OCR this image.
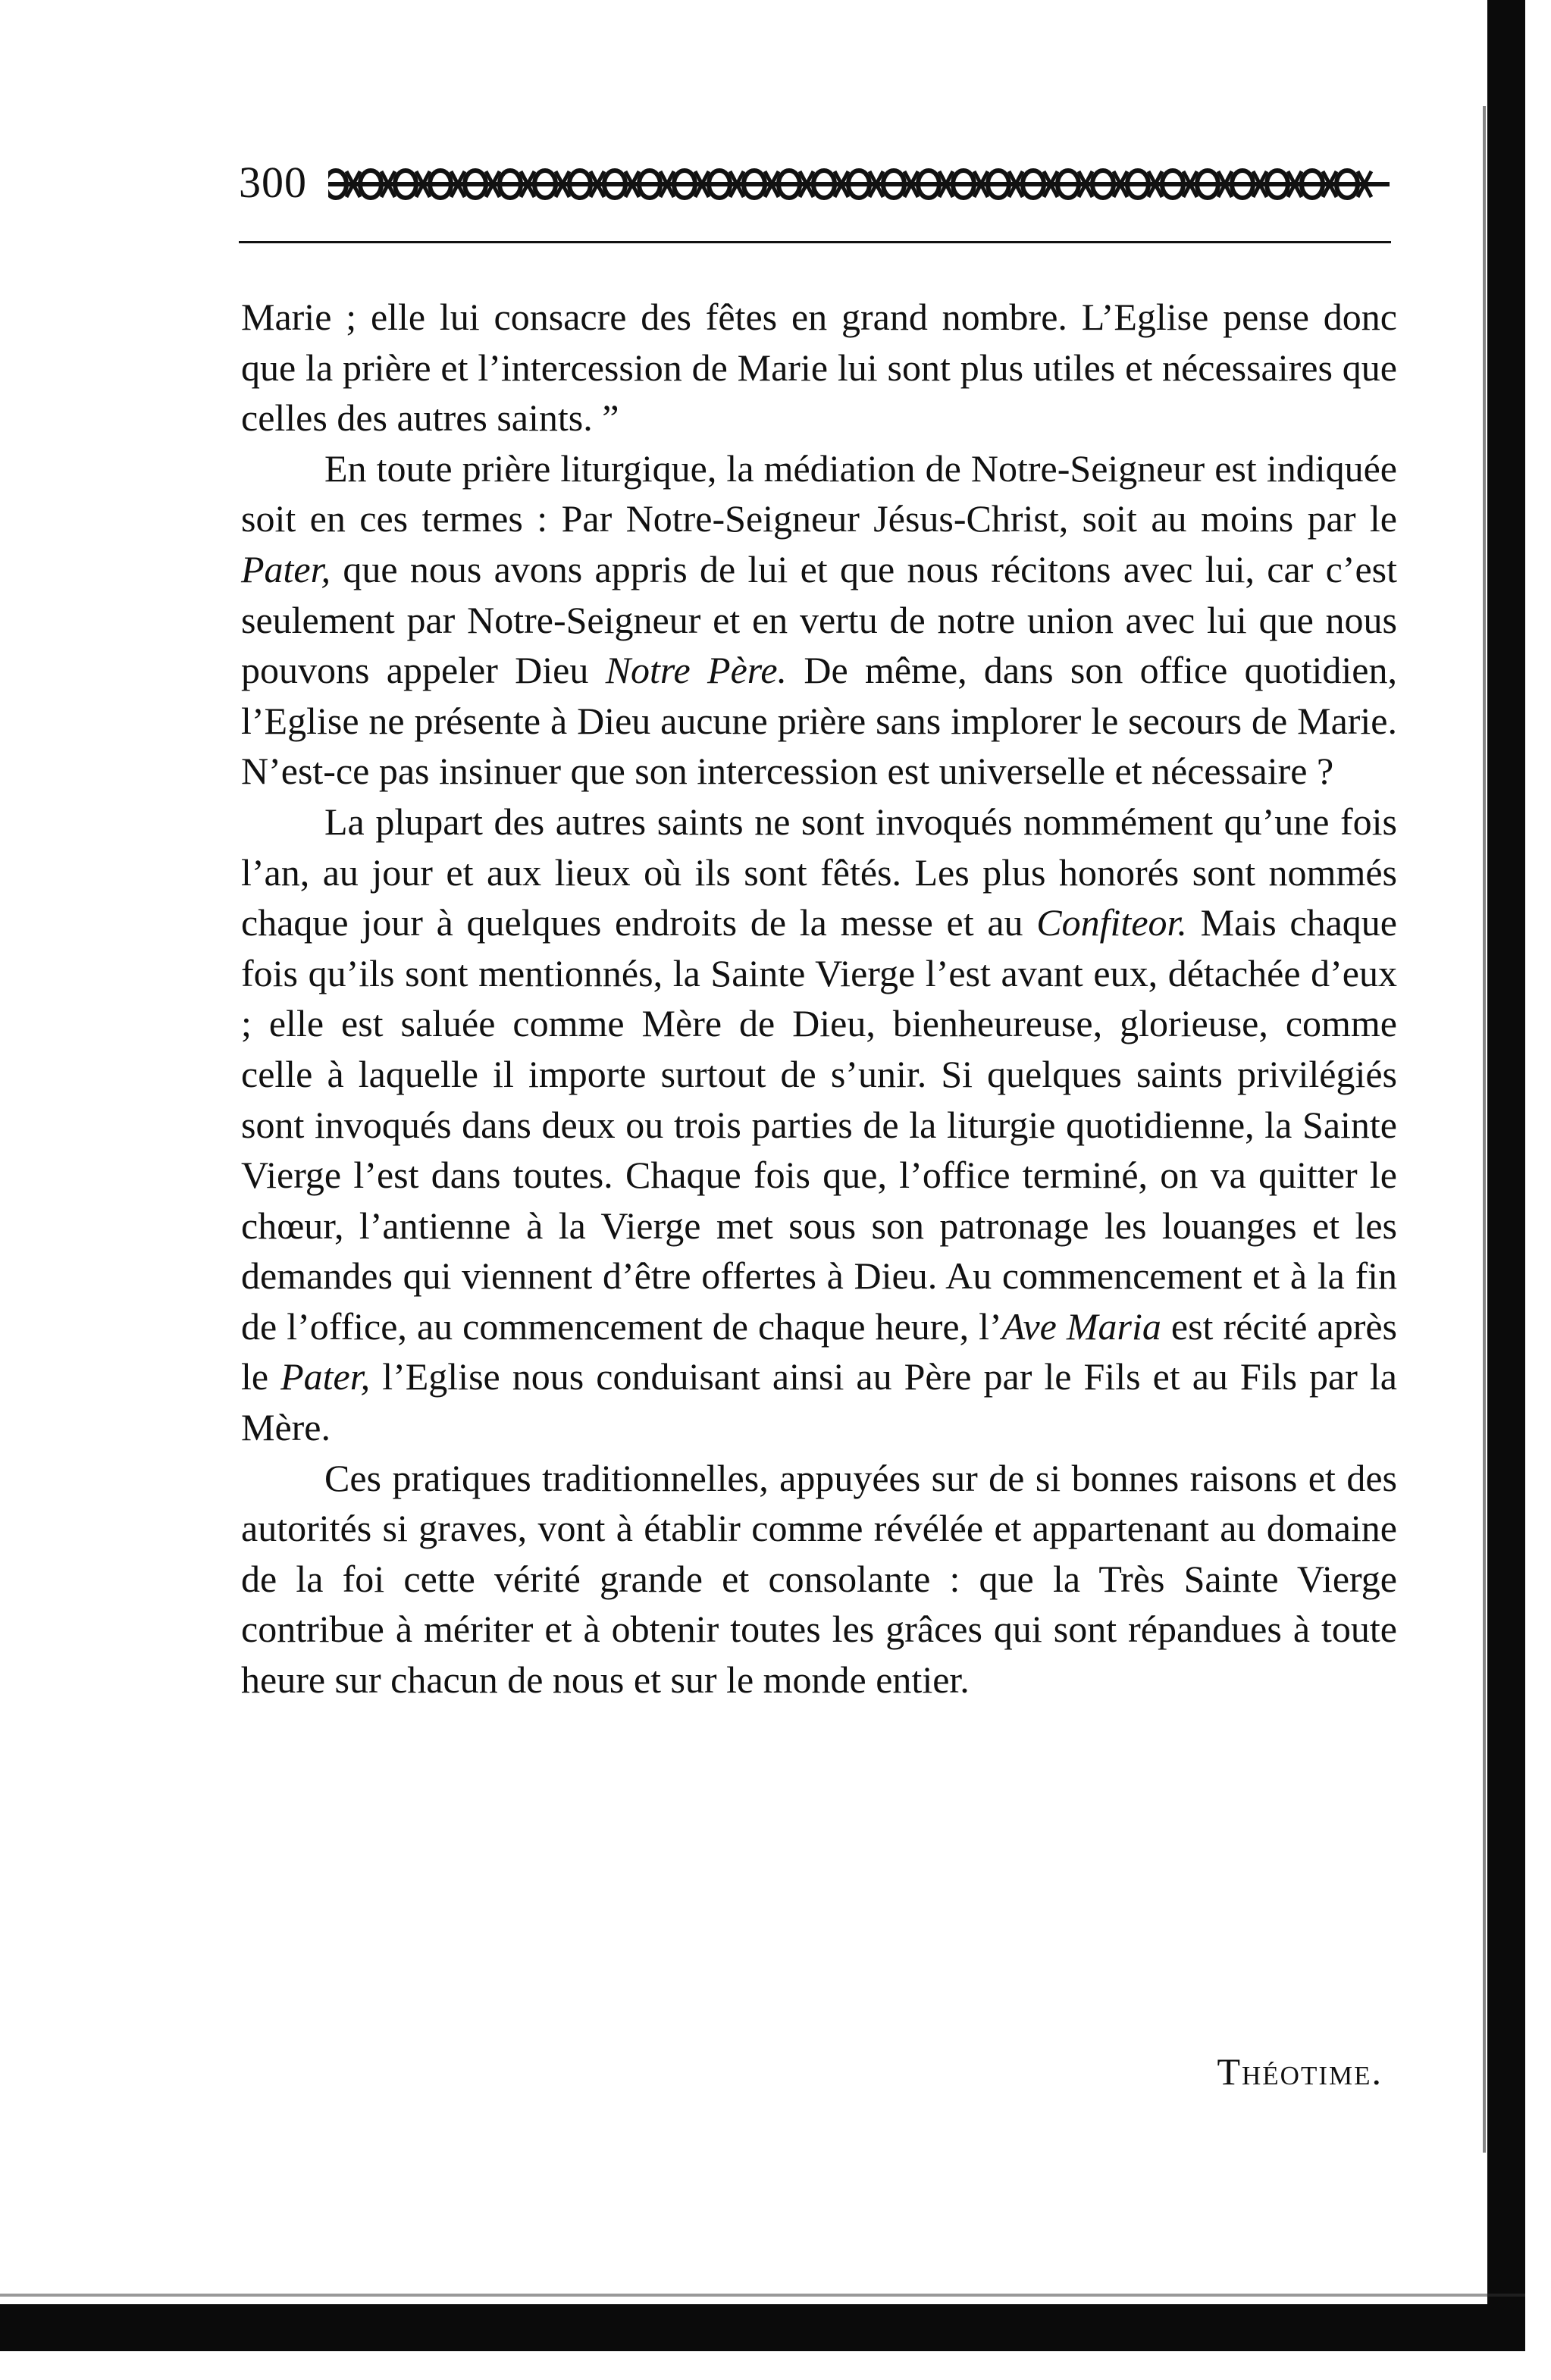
300

Marie ; elle lui consacre des fêtes en grand nombre. L’Eglise pense donc que la prière et l’intercession de Marie lui sont plus utiles et nécessaires que celles des autres saints. ”

En toute prière liturgique, la médiation de Notre-Seigneur est indiquée soit en ces termes : Par Notre-Seigneur Jésus-Christ, soit au moins par le Pater, que nous avons appris de lui et que nous récitons avec lui, car c’est seulement par Notre-Seigneur et en vertu de notre union avec lui que nous pouvons appeler Dieu Notre Père. De même, dans son office quotidien, l’Eglise ne présente à Dieu aucune prière sans implorer le secours de Marie. N’est-ce pas insinuer que son intercession est universelle et nécessaire ?

La plupart des autres saints ne sont invoqués nommément qu’une fois l’an, au jour et aux lieux où ils sont fêtés. Les plus honorés sont nommés chaque jour à quelques endroits de la messe et au Confiteor. Mais chaque fois qu’ils sont mentionnés, la Sainte Vierge l’est avant eux, détachée d’eux ; elle est saluée comme Mère de Dieu, bienheureuse, glorieuse, comme celle à laquelle il importe surtout de s’unir. Si quelques saints privilégiés sont invoqués dans deux ou trois parties de la liturgie quotidienne, la Sainte Vierge l’est dans toutes. Chaque fois que, l’office terminé, on va quitter le chœur, l’antienne à la Vierge met sous son patronage les louanges et les demandes qui viennent d’être offertes à Dieu. Au commencement et à la fin de l’office, au commencement de chaque heure, l’Ave Maria est récité après le Pater, l’Eglise nous conduisant ainsi au Père par le Fils et au Fils par la Mère.

Ces pratiques traditionnelles, appuyées sur de si bonnes raisons et des autorités si graves, vont à établir comme révélée et appartenant au domaine de la foi cette vérité grande et consolante : que la Très Sainte Vierge contribue à mériter et à obtenir toutes les grâces qui sont répandues à toute heure sur chacun de nous et sur le monde entier.

Théotime.
